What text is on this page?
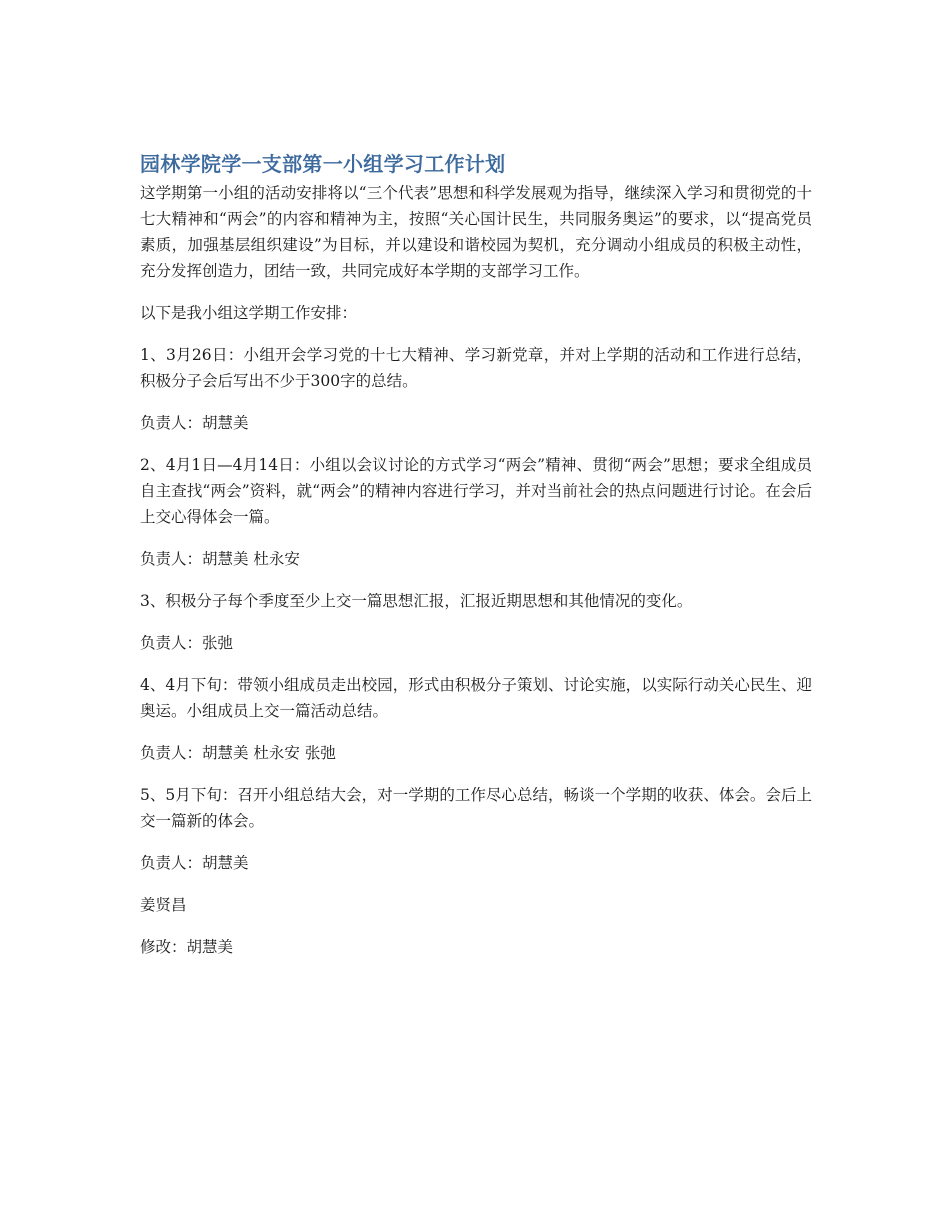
园林学院学一支部第一小组学习工作计划

这学期第一小组的活动安排将以“三个代表”思想和科学发展观为指导，继续深入学习和贯彻党的十七大精神和“两会”的内容和精神为主，按照“关心国计民生，共同服务奥运”的要求，以“提高党员素质，加强基层组织建设”为目标，并以建设和谐校园为契机，充分调动小组成员的积极主动性，充分发挥创造力，团结一致，共同完成好本学期的支部学习工作。

以下是我小组这学期工作安排：

1、3月26日：小组开会学习党的十七大精神、学习新党章，并对上学期的活动和工作进行总结，积极分子会后写出不少于300字的总结。

负责人：胡慧美

2、4月1日—4月14日：小组以会议讨论的方式学习“两会”精神、贯彻“两会”思想；要求全组成员自主查找“两会”资料，就“两会”的精神内容进行学习，并对当前社会的热点问题进行讨论。在会后上交心得体会一篇。

负责人：胡慧美 杜永安

3、积极分子每个季度至少上交一篇思想汇报，汇报近期思想和其他情况的变化。

负责人：张弛

4、4月下旬：带领小组成员走出校园，形式由积极分子策划、讨论实施，以实际行动关心民生、迎奥运。小组成员上交一篇活动总结。

负责人：胡慧美 杜永安 张弛

5、5月下旬：召开小组总结大会，对一学期的工作尽心总结，畅谈一个学期的收获、体会。会后上交一篇新的体会。

负责人：胡慧美

姜贤昌

修改：胡慧美
